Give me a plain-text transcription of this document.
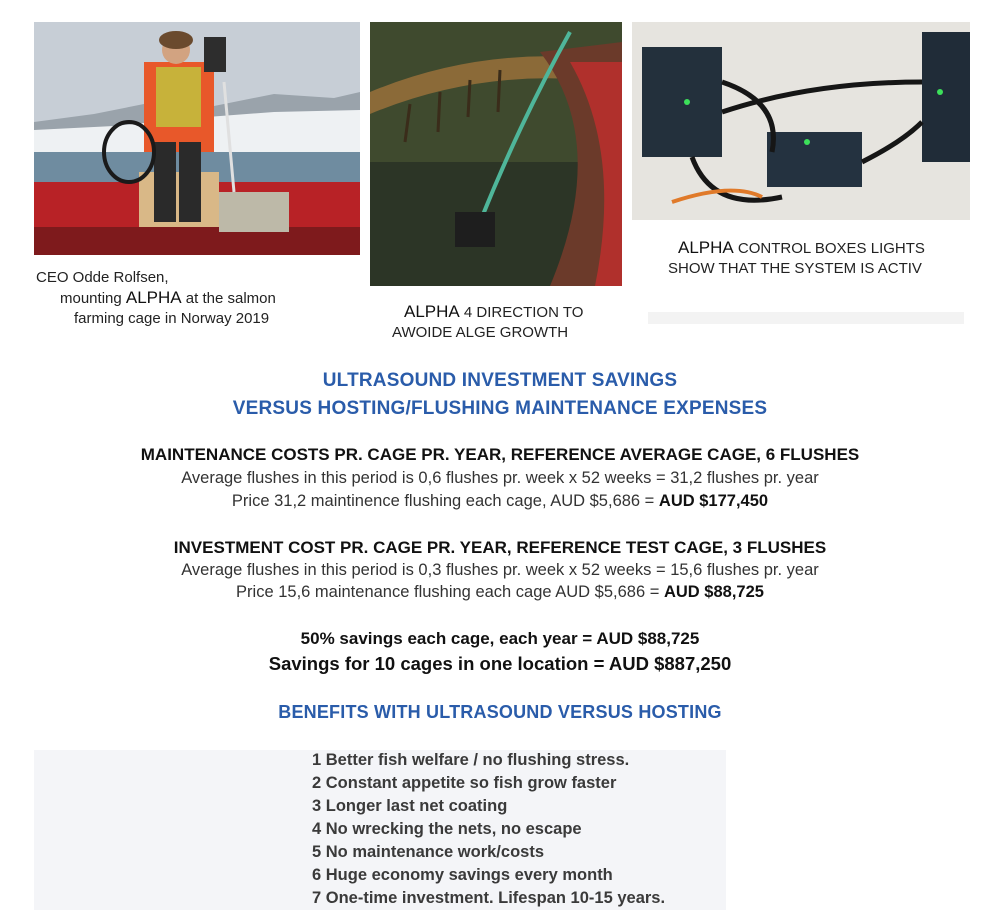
CEO Odde Rolfsen,
mounting ALPHA at the salmon
farming cage in Norway 2019	ALPHA 4 DIRECTION TO
AWOIDE ALGE GROWTH
ALPHA CONTROL BOXES LIGHTS
SHOW THAT THE SYSTEM IS ACTIV
ULTRASOUND INVESTMENT SAVINGS
VERSUS HOSTING/FLUSHING MAINTENANCE EXPENSES
MAINTENANCE COSTS PR. CAGE PR. YEAR, REFERENCE AVERAGE CAGE, 6 FLUSHES
Average flushes in this period is 0,6 flushes pr. week x 52 weeks = 31,2 flushes pr. year
Price 31,2 maintinence flushing each cage, AUD $5,686 = AUD $177,450
INVESTMENT COST PR. CAGE PR. YEAR, REFERENCE TEST CAGE, 3 FLUSHES
Average flushes in this period is 0,3 flushes pr. week x 52 weeks = 15,6 flushes pr. year
Price 15,6 maintenance flushing each cage AUD $5,686 = AUD $88,725
50% savings each cage, each year = AUD $88,725
Savings for 10 cages in one location = AUD $887,250
BENEFITS WITH ULTRASOUND VERSUS HOSTING
1 Better fish welfare / no flushing stress.
2 Constant appetite so fish grow faster
3 Longer last net coating
4 No wrecking the nets, no escape
5 No maintenance work/costs
6 Huge economy savings every month
7 One-time investment. Lifespan 10-15 years.
